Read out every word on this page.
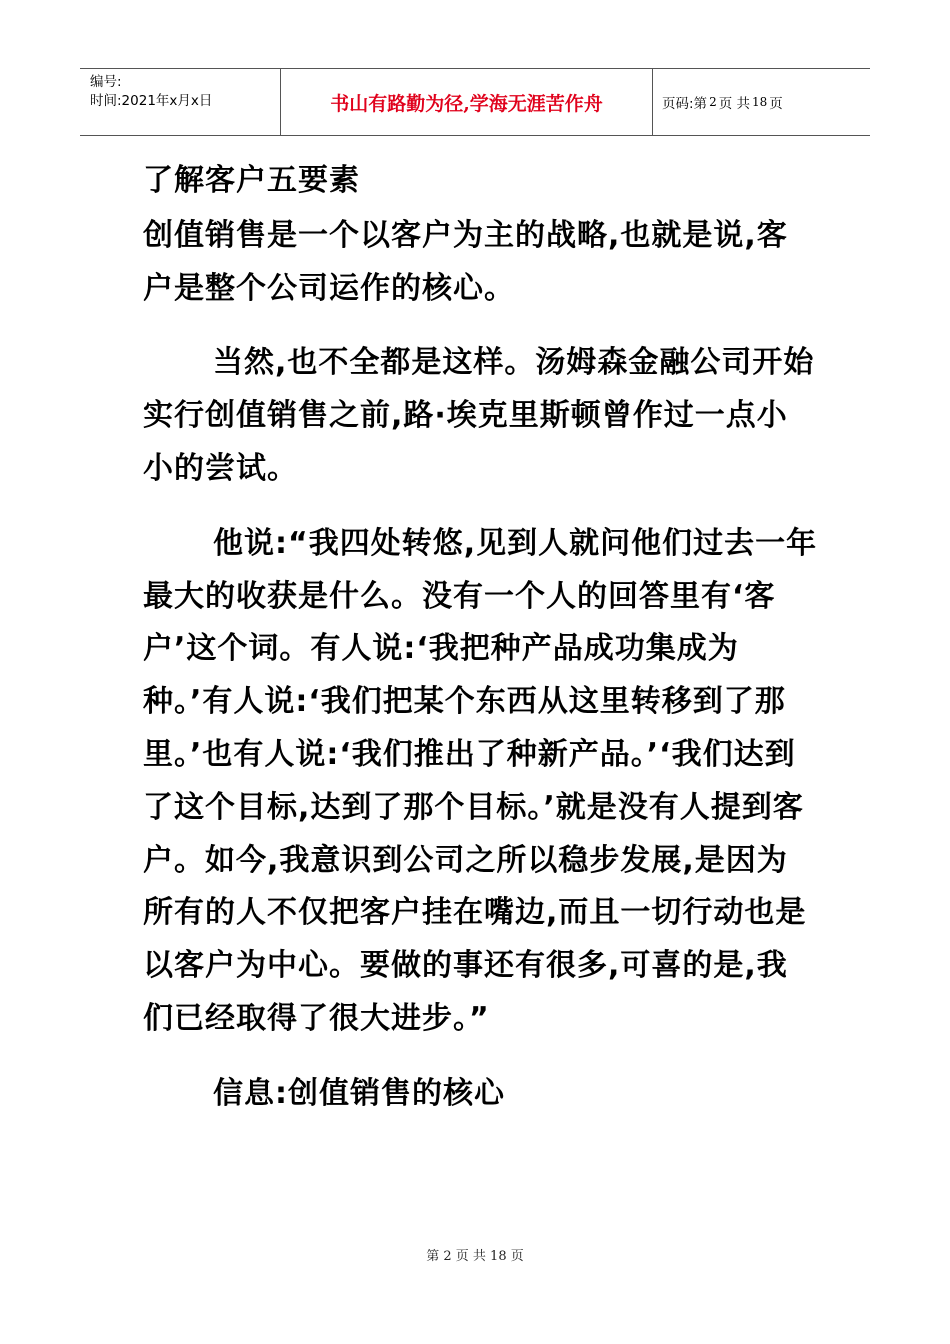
编号:
时间:2021年x月x日	书山有路勤为径,学海无涯苦作舟	页码:第 2 页 共 18 页

了解客户五要素

创值销售是一个以客户为主的战略,也就是说,客户是整个公司运作的核心。

当然,也不全都是这样。汤姆森金融公司开始实行创值销售之前,路·埃克里斯顿曾作过一点小小的尝试。

他说:“我四处转悠,见到人就问他们过去一年最大的收获是什么。没有一个人的回答里有‘客户’这个词。有人说:‘我把种产品成功集成为种。’有人说:‘我们把某个东西从这里转移到了那里。’也有人说:‘我们推出了种新产品。’‘我们达到了这个目标,达到了那个目标。’就是没有人提到客户。如今,我意识到公司之所以稳步发展,是因为所有的人不仅把客户挂在嘴边,而且一切行动也是以客户为中心。要做的事还有很多,可喜的是,我们已经取得了很大进步。”

信息:创值销售的核心

第 2 页 共 18 页
